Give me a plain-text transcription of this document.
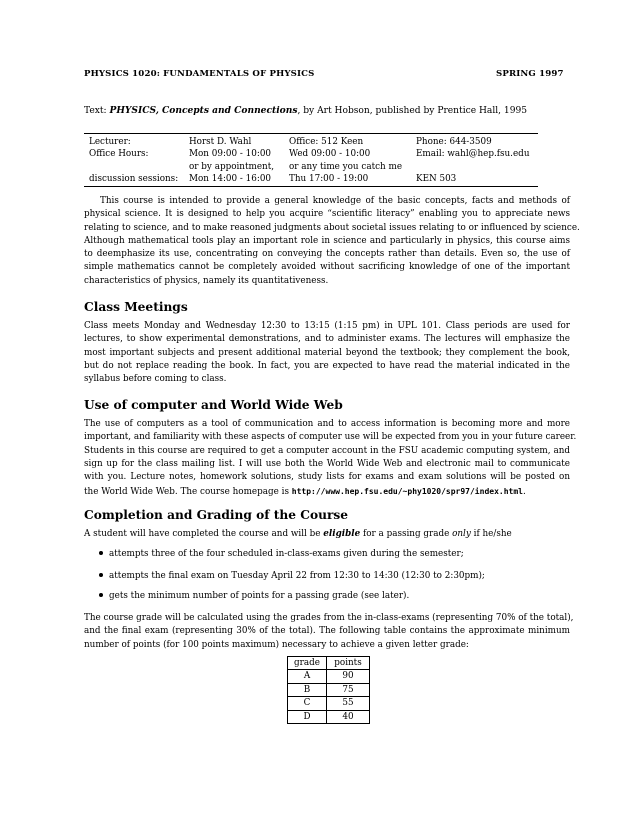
PHYSICS 1020: FUNDAMENTALS OF PHYSICS	SPRING 1997
Text: PHYSICS, Concepts and Connections, by Art Hobson, published by Prentice Hall, 1995
Lecturer:	Horst D. Wahl	Office: 512 Keen	Phone: 644-3509
Office Hours:	Mon 09:00 - 10:00	Wed 09:00 - 10:00	Email: wahl@hep.fsu.edu
	or by appointment,	or any time you catch me	
discussion sessions:	Mon 14:00 - 16:00	Thu 17:00 - 19:00	KEN 503
This course is intended to provide a general knowledge of the basic concepts, facts and methods of
physical science. It is designed to help you acquire “scientific literacy” enabling you to appreciate news
relating to science, and to make reasoned judgments about societal issues relating to or influenced by science.
Although mathematical tools play an important role in science and particularly in physics, this course aims
to deemphasize its use, concentrating on conveying the concepts rather than details. Even so, the use of
simple mathematics cannot be completely avoided without sacrificing knowledge of one of the important
characteristics of physics, namely its quantitativeness.
Class Meetings
Class meets Monday and Wednesday 12:30 to 13:15 (1:15 pm) in UPL 101. Class periods are used for
lectures, to show experimental demonstrations, and to administer exams. The lectures will emphasize the
most important subjects and present additional material beyond the textbook; they complement the book,
but do not replace reading the book. In fact, you are expected to have read the material indicated in the
syllabus before coming to class.
Use of computer and World Wide Web
The use of computers as a tool of communication and to access information is becoming more and more
important, and familiarity with these aspects of computer use will be expected from you in your future career.
Students in this course are required to get a computer account in the FSU academic computing system, and
sign up for the class mailing list. I will use both the World Wide Web and electronic mail to communicate
with you. Lecture notes, homework solutions, study lists for exams and exam solutions will be posted on
the World Wide Web. The course homepage is http://www.hep.fsu.edu/~phy1020/spr97/index.html.
Completion and Grading of the Course
A student will have completed the course and will be eligible for a passing grade only if he/she
attempts three of the four scheduled in-class-exams given during the semester;
attempts the final exam on Tuesday April 22 from 12:30 to 14:30 (12:30 to 2:30pm);
gets the minimum number of points for a passing grade (see later).
The course grade will be calculated using the grades from the in-class-exams (representing 70% of the total),
and the final exam (representing 30% of the total). The following table contains the approximate minimum
number of points (for 100 points maximum) necessary to achieve a given letter grade:
grade	points
A	90
B	75
C	55
D	40
